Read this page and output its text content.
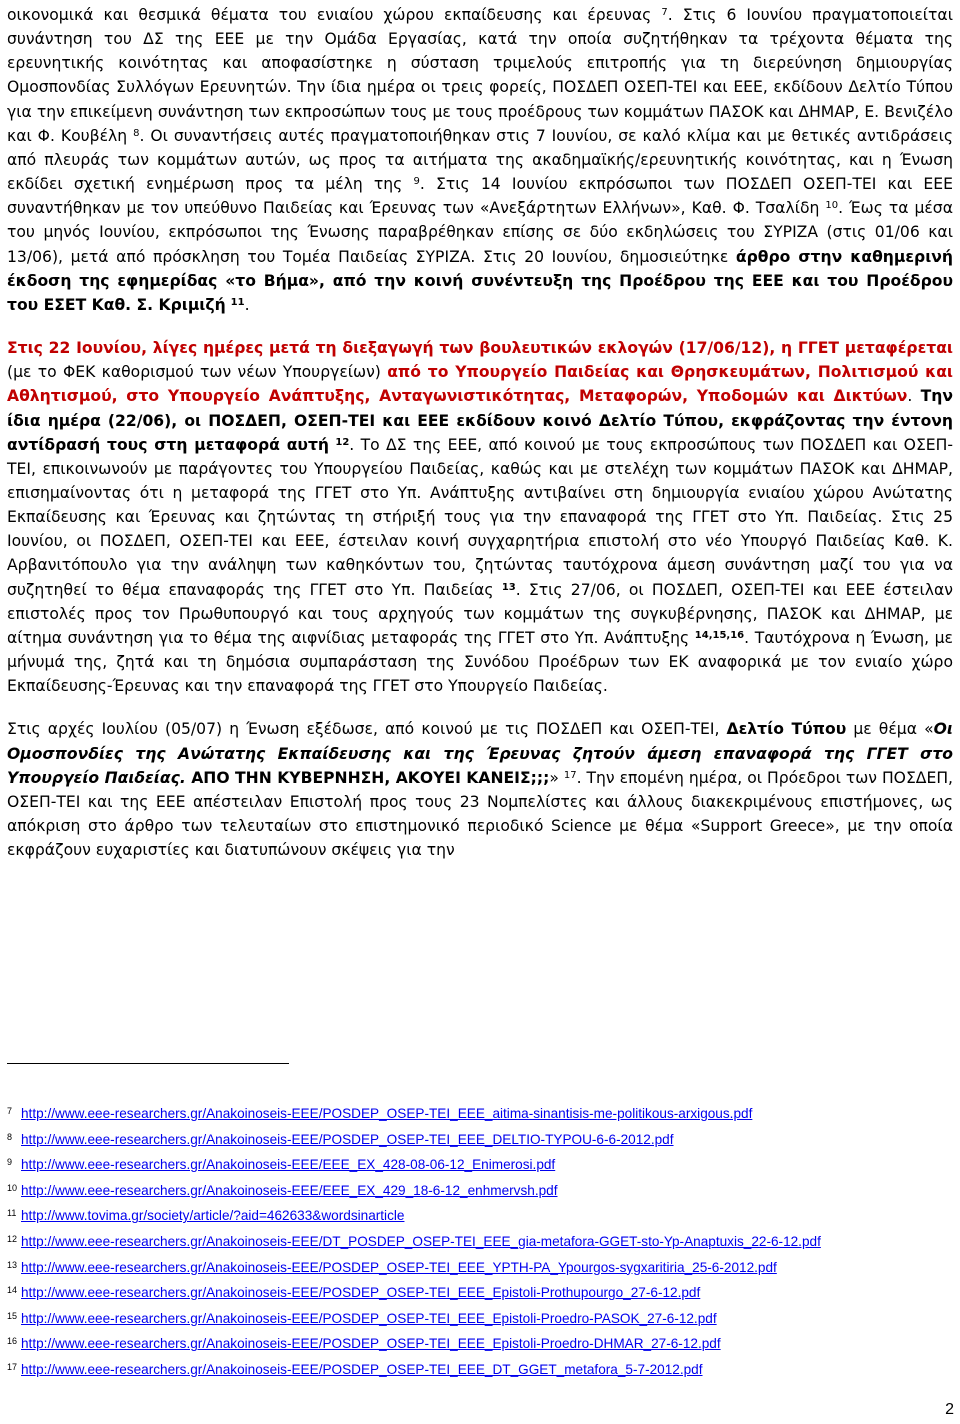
οικονομικά και θεσμικά θέματα του ενιαίου χώρου εκπαίδευσης και έρευνας $^7$. Στις 6 Ιουνίου πραγματοποιείται συνάντηση του ΔΣ της ΕΕΕ με την Ομάδα Εργασίας, κατά την οποία συζητήθηκαν τα τρέχοντα θέματα της ερευνητικής κοινότητας και αποφασίστηκε η σύσταση τριμελούς επιτροπής για τη διερεύνηση δημιουργίας Ομοσπονδίας Συλλόγων Ερευνητών. Την ίδια ημέρα οι τρεις φορείς, ΠΟΣΔΕΠ ΟΣΕΠ-ΤΕΙ και ΕΕΕ, εκδίδουν Δελτίο Τύπου για την επικείμενη συνάντηση των εκπροσώπων τους με τους προέδρους των κομμάτων ΠΑΣΟΚ και ΔΗΜΑΡ, Ε. Βενιζέλο και Φ. Κουβέλη $^8$. Οι συναντήσεις αυτές πραγματοποιήθηκαν στις 7 Ιουνίου, σε καλό κλίμα και με θετικές αντιδράσεις από πλευράς των κομμάτων αυτών, ως προς τα αιτήματα της ακαδημαϊκής/ερευνητικής κοινότητας, και η Ένωση εκδίδει σχετική ενημέρωση προς τα μέλη της $^9$. Στις 14 Ιουνίου εκπρόσωποι των ΠΟΣΔΕΠ ΟΣΕΠ-ΤΕΙ και ΕΕΕ συναντήθηκαν με τον υπεύθυνο Παιδείας και Έρευνας των «Ανεξάρτητων Ελλήνων», Καθ. Φ. Τσαλίδη $^{10}$. Έως τα μέσα του μηνός Ιουνίου, εκπρόσωποι της Ένωσης παραβρέθηκαν επίσης σε δύο εκδηλώσεις του ΣΥΡΙΖΑ (στις 01/06 και 13/06), μετά από πρόσκληση του Τομέα Παιδείας ΣΥΡΙΖΑ. Στις 20 Ιουνίου, δημοσιεύτηκε άρθρο στην καθημερινή έκδοση της εφημερίδας «το Βήμα», από την κοινή συνέντευξη της Προέδρου της ΕΕΕ και του Προέδρου του ΕΣΕΤ Καθ. Σ. Κριμιζή $^{11}$.

Στις 22 Ιουνίου, λίγες ημέρες μετά τη διεξαγωγή των βουλευτικών εκλογών (17/06/12), η ΓΓΕΤ μεταφέρεται (με το ΦΕΚ καθορισμού των νέων Υπουργείων) από το Υπουργείο Παιδείας και Θρησκευμάτων, Πολιτισμού και Αθλητισμού, στο Υπουργείο Ανάπτυξης, Ανταγωνιστικότητας, Μεταφορών, Υποδομών και Δικτύων. Την ίδια ημέρα (22/06), οι ΠΟΣΔΕΠ, ΟΣΕΠ-ΤΕΙ και ΕΕΕ εκδίδουν κοινό Δελτίο Τύπου, εκφράζοντας την έντονη αντίδρασή τους στη μεταφορά αυτή $^{12}$. Το ΔΣ της ΕΕΕ, από κοινού με τους εκπροσώπους των ΠΟΣΔΕΠ και ΟΣΕΠ-ΤΕΙ, επικοινωνούν με παράγοντες του Υπουργείου Παιδείας, καθώς και με στελέχη των κομμάτων ΠΑΣΟΚ και ΔΗΜΑΡ, επισημαίνοντας ότι η μεταφορά της ΓΓΕΤ στο Υπ. Ανάπτυξης αντιβαίνει στη δημιουργία ενιαίου χώρου Ανώτατης Εκπαίδευσης και Έρευνας και ζητώντας τη στήριξή τους για την επαναφορά της ΓΓΕΤ στο Υπ. Παιδείας. Στις 25 Ιουνίου, οι ΠΟΣΔΕΠ, ΟΣΕΠ-ΤΕΙ και ΕΕΕ, έστειλαν κοινή συγχαρητήρια επιστολή στο νέο Υπουργό Παιδείας Καθ. Κ. Αρβανιτόπουλο για την ανάληψη των καθηκόντων του, ζητώντας ταυτόχρονα άμεση συνάντηση μαζί του για να συζητηθεί το θέμα επαναφοράς της ΓΓΕΤ στο Υπ. Παιδείας $^{13}$. Στις 27/06, οι ΠΟΣΔΕΠ, ΟΣΕΠ-ΤΕΙ και ΕΕΕ έστειλαν επιστολές προς τον Πρωθυπουργό και τους αρχηγούς των κομμάτων της συγκυβέρνησης, ΠΑΣΟΚ και ΔΗΜΑΡ, με αίτημα συνάντηση για το θέμα της αιφνίδιας μεταφοράς της ΓΓΕΤ στο Υπ. Ανάπτυξης $^{14,15,16}$. Ταυτόχρονα η Ένωση, με μήνυμά της, ζητά και τη δημόσια συμπαράσταση της Συνόδου Προέδρων των ΕΚ αναφορικά με τον ενιαίο χώρο Εκπαίδευσης-Έρευνας και την επαναφορά της ΓΓΕΤ στο Υπουργείο Παιδείας.

Στις αρχές Ιουλίου (05/07) η Ένωση εξέδωσε, από κοινού με τις ΠΟΣΔΕΠ και ΟΣΕΠ-ΤΕΙ, Δελτίο Τύπου με θέμα «Οι Ομοσπονδίες της Ανώτατης Εκπαίδευσης και της Έρευνας ζητούν άμεση επαναφορά της ΓΓΕΤ στο Υπουργείο Παιδείας. ΑΠΟ ΤΗΝ ΚΥΒΕΡΝΗΣΗ, ΑΚΟΥΕΙ ΚΑΝΕΙΣ;;;» $^{17}$. Την επομένη ημέρα, οι Πρόεδροι των ΠΟΣΔΕΠ, ΟΣΕΠ-ΤΕΙ και της ΕΕΕ απέστειλαν Επιστολή προς τους 23 Νομπελίστες και άλλους διακεκριμένους επιστήμονες, ως απόκριση στο άρθρο των τελευταίων στο επιστημονικό περιοδικό Science με θέμα «Support Greece», με την οποία εκφράζουν ευχαριστίες και διατυπώνουν σκέψεις για την

7 http://www.eee-researchers.gr/Anakoinoseis-EEE/POSDEP_OSEP-TEI_EEE_aitima-sinantisis-me-politikous-arxigous.pdf
8 http://www.eee-researchers.gr/Anakoinoseis-EEE/POSDEP_OSEP-TEI_EEE_DELTIO-TYPOU-6-6-2012.pdf
9 http://www.eee-researchers.gr/Anakoinoseis-EEE/EEE_EX_428-08-06-12_Enimerosi.pdf
10 http://www.eee-researchers.gr/Anakoinoseis-EEE/EEE_EX_429_18-6-12_enhmervsh.pdf
11 http://www.tovima.gr/society/article/?aid=462633&wordsinarticle
12 http://www.eee-researchers.gr/Anakoinoseis-EEE/DT_POSDEP_OSEP-TEI_EEE_gia-metafora-GGET-sto-Yp-Anaptuxis_22-6-12.pdf
13 http://www.eee-researchers.gr/Anakoinoseis-EEE/POSDEP_OSEP-TEI_EEE_YPTH-PA_Ypourgos-sygxaritiria_25-6-2012.pdf
14 http://www.eee-researchers.gr/Anakoinoseis-EEE/POSDEP_OSEP-TEI_EEE_Epistoli-Prothupourgo_27-6-12.pdf
15 http://www.eee-researchers.gr/Anakoinoseis-EEE/POSDEP_OSEP-TEI_EEE_Epistoli-Proedro-PASOK_27-6-12.pdf
16 http://www.eee-researchers.gr/Anakoinoseis-EEE/POSDEP_OSEP-TEI_EEE_Epistoli-Proedro-DHMAR_27-6-12.pdf
17 http://www.eee-researchers.gr/Anakoinoseis-EEE/POSDEP_OSEP-TEI_EEE_DT_GGET_metafora_5-7-2012.pdf
2
